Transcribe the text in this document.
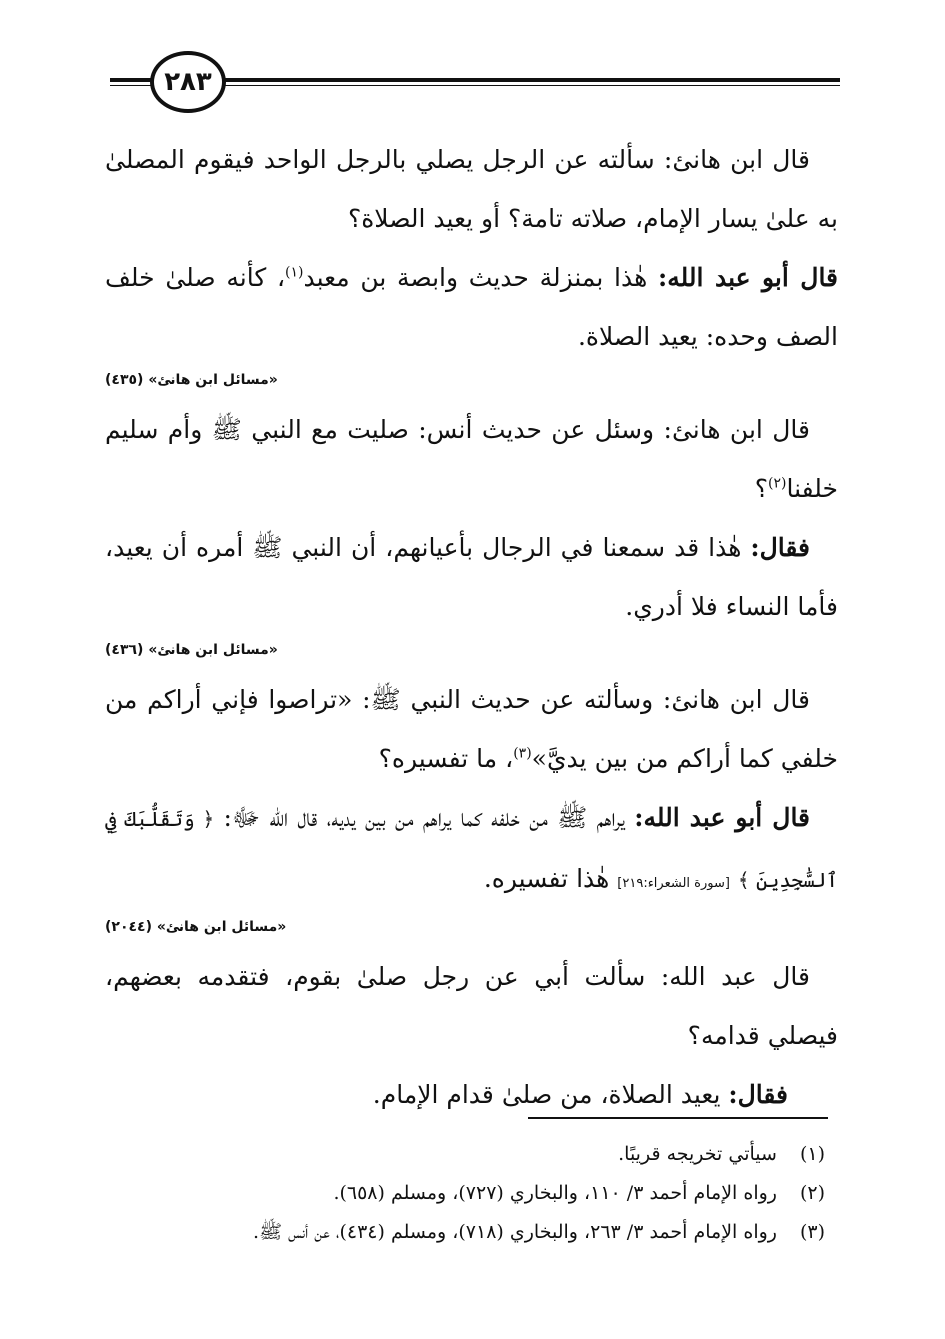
٢٨٣

قال ابن هانئ: سألته عن الرجل يصلي بالرجل الواحد فيقوم المصلىٰ به علىٰ يسار الإمام، صلاته تامة؟ أو يعيد الصلاة؟

قال أبو عبد الله: هٰذا بمنزلة حديث وابصة بن معبد$^{(١)}$، كأنه صلىٰ خلف الصف وحده: يعيد الصلاة.

«مسائل ابن هانئ» (٤٣٥)

قال ابن هانئ: وسئل عن حديث أنس: صليت مع النبي ﷺ وأم سليم خلفنا$^{(٢)}$؟

فقال: هٰذا قد سمعنا في الرجال بأعيانهم، أن النبي ﷺ أمره أن يعيد، فأما النساء فلا أدري.

«مسائل ابن هانئ» (٤٣٦)

قال ابن هانئ: وسألته عن حديث النبي ﷺ: «تراصوا فإني أراكم من خلفي كما أراكم من بين يديَّ»$^{(٣)}$، ما تفسيره؟

قال أبو عبد الله: يراهم ﷺ من خلفه كما يراهم من بين يديه، قال الله ﷻ: ﴿ وَتَقَلُّبَكَ فِي ٱلسَّٰجِدِينَ ﴾ [سورة الشعراء:٢١٩] هٰذا تفسيره.

«مسائل ابن هانئ» (٢٠٤٤)

قال عبد الله: سألت أبي عن رجل صلىٰ بقوم، فتقدمه بعضهم، فيصلي قدامه؟

فقال: يعيد الصلاة، من صلىٰ قدام الإمام.

(١) سيأتي تخريجه قريبًا.

(٢) رواه الإمام أحمد ٣/ ١١٠، والبخاري (٧٢٧)، ومسلم (٦٥٨).

(٣) رواه الإمام أحمد ٣/ ٢٦٣، والبخاري (٧١٨)، ومسلم (٤٣٤)، عن أنس ﷺ.
